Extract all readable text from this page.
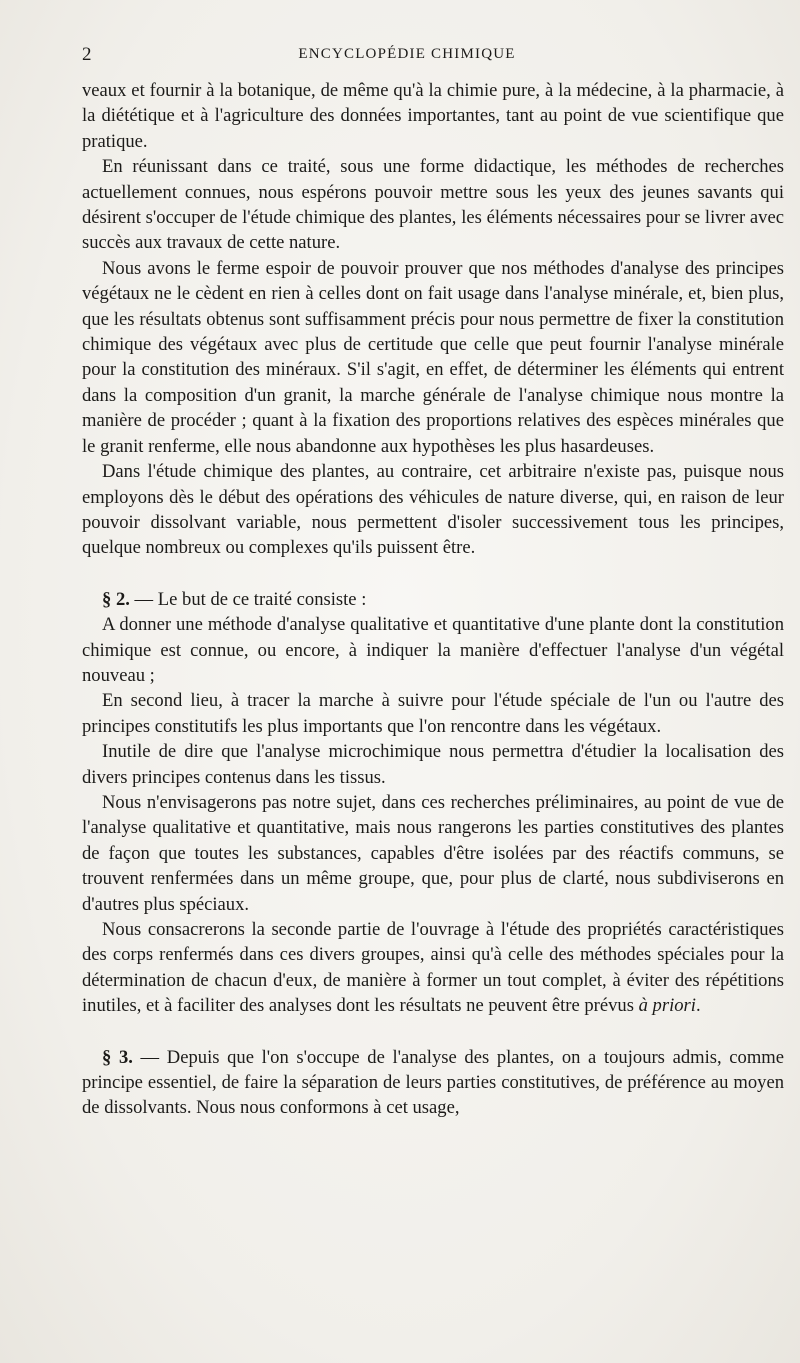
2	ENCYCLOPÉDIE CHIMIQUE

veaux et fournir à la botanique, de même qu'à la chimie pure, à la médecine, à la pharmacie, à la diététique et à l'agriculture des données importantes, tant au point de vue scientifique que pratique.

En réunissant dans ce traité, sous une forme didactique, les méthodes de recherches actuellement connues, nous espérons pouvoir mettre sous les yeux des jeunes savants qui désirent s'occuper de l'étude chimique des plantes, les éléments nécessaires pour se livrer avec succès aux travaux de cette nature.

Nous avons le ferme espoir de pouvoir prouver que nos méthodes d'analyse des principes végétaux ne le cèdent en rien à celles dont on fait usage dans l'analyse minérale, et, bien plus, que les résultats obtenus sont suffisamment précis pour nous permettre de fixer la constitution chimique des végétaux avec plus de certitude que celle que peut fournir l'analyse minérale pour la constitution des minéraux. S'il s'agit, en effet, de déterminer les éléments qui entrent dans la composition d'un granit, la marche générale de l'analyse chimique nous montre la manière de procéder ; quant à la fixation des proportions relatives des espèces minérales que le granit renferme, elle nous abandonne aux hypothèses les plus hasardeuses.

Dans l'étude chimique des plantes, au contraire, cet arbitraire n'existe pas, puisque nous employons dès le début des opérations des véhicules de nature diverse, qui, en raison de leur pouvoir dissolvant variable, nous permettent d'isoler successivement tous les principes, quelque nombreux ou complexes qu'ils puissent être.

§ 2. — Le but de ce traité consiste :

A donner une méthode d'analyse qualitative et quantitative d'une plante dont la constitution chimique est connue, ou encore, à indiquer la manière d'effectuer l'analyse d'un végétal nouveau ;

En second lieu, à tracer la marche à suivre pour l'étude spéciale de l'un ou l'autre des principes constitutifs les plus importants que l'on rencontre dans les végétaux.

Inutile de dire que l'analyse microchimique nous permettra d'étudier la localisation des divers principes contenus dans les tissus.

Nous n'envisagerons pas notre sujet, dans ces recherches préliminaires, au point de vue de l'analyse qualitative et quantitative, mais nous rangerons les parties constitutives des plantes de façon que toutes les substances, capables d'être isolées par des réactifs communs, se trouvent renfermées dans un même groupe, que, pour plus de clarté, nous subdiviserons en d'autres plus spéciaux.

Nous consacrerons la seconde partie de l'ouvrage à l'étude des propriétés caractéristiques des corps renfermés dans ces divers groupes, ainsi qu'à celle des méthodes spéciales pour la détermination de chacun d'eux, de manière à former un tout complet, à éviter des répétitions inutiles, et à faciliter des analyses dont les résultats ne peuvent être prévus à priori.

§ 3. — Depuis que l'on s'occupe de l'analyse des plantes, on a toujours admis, comme principe essentiel, de faire la séparation de leurs parties constitutives, de préférence au moyen de dissolvants. Nous nous conformons à cet usage,
